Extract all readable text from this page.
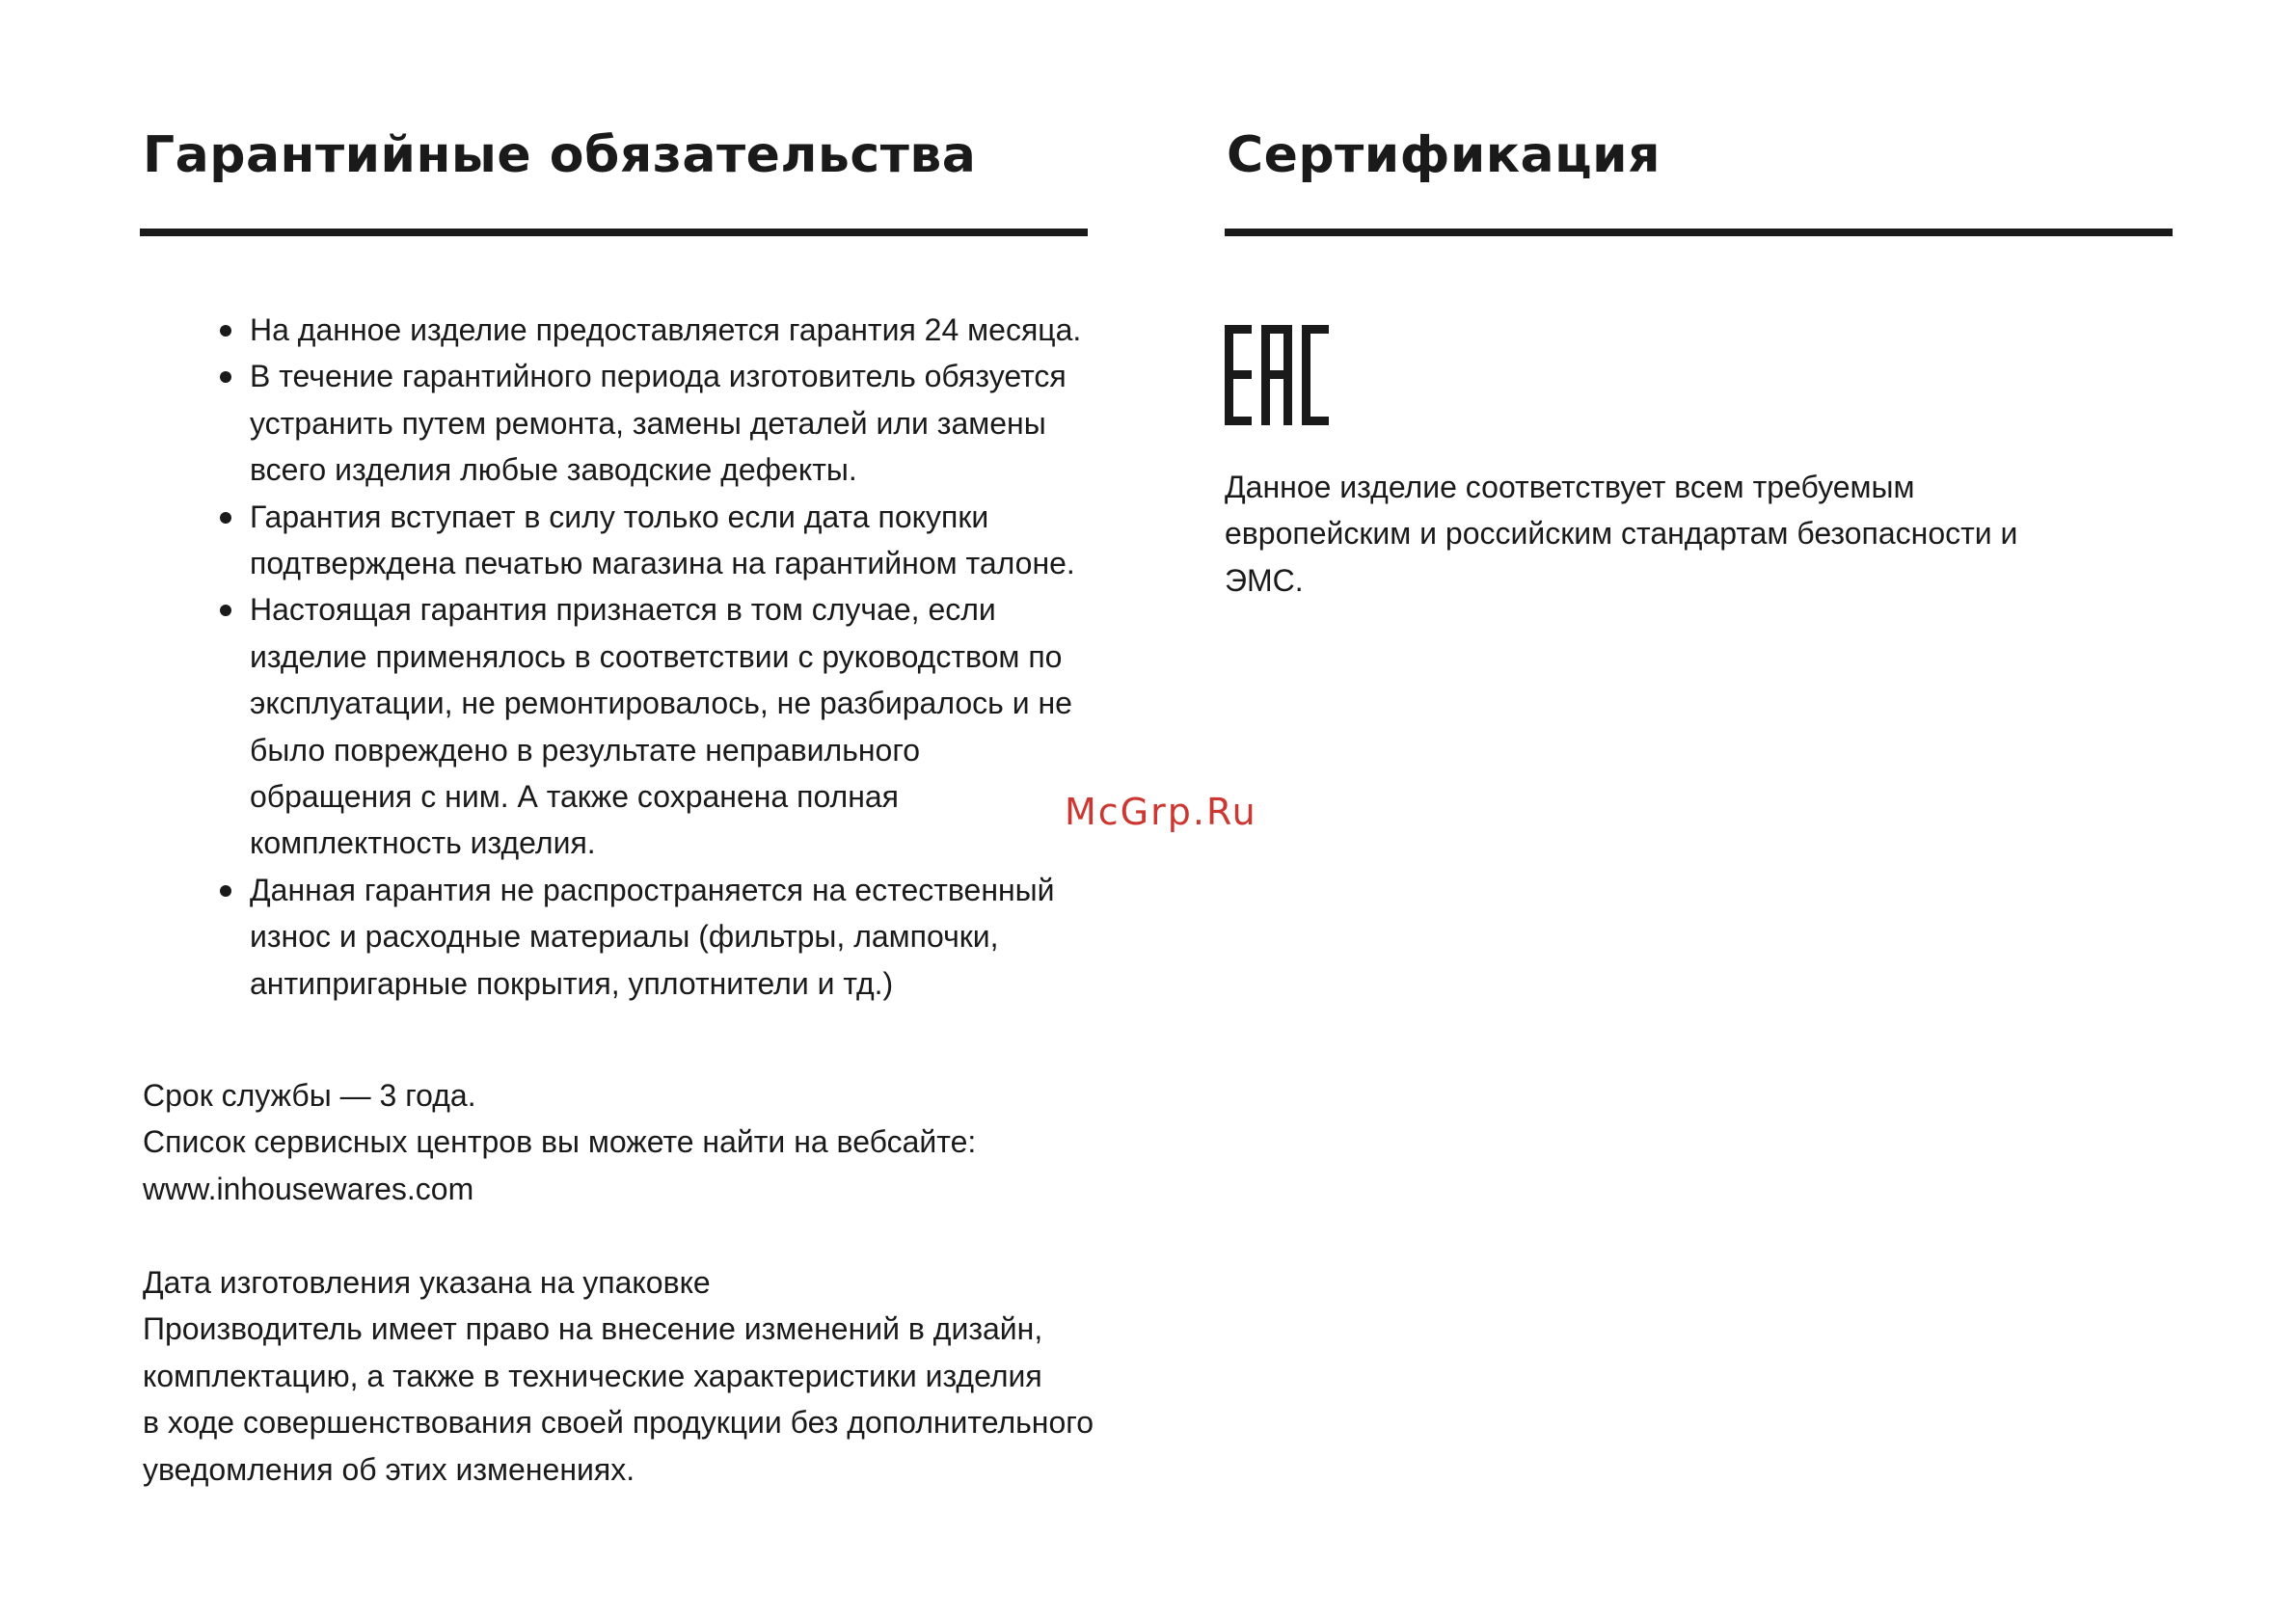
Гарантийные обязательства
На данное изделие предоставляется гарантия 24 месяца.
В течение гарантийного периода изготовитель обязуется устранить путем ремонта, замены деталей или замены всего изделия любые заводские дефекты.
Гарантия вступает в силу только если дата покупки подтверждена печатью магазина на гарантийном талоне.
Настоящая гарантия признается в том случае, если изделие применялось в соответствии с руководством по эксплуатации, не ремонтировалось, не разбиралось и не было повреждено в результате неправильного обращения с ним. А также сохранена полная комплектность изделия.
Данная гарантия не распространяется на естественный износ и расходные материалы (фильтры, лампочки, антипригарные покрытия, уплотнители и тд.)
Срок службы — 3 года.
Список сервисных центров вы можете найти на вебсайте:
www.inhousewares.com
Дата изготовления указана на упаковке
Производитель имеет право на внесение изменений в дизайн,
комплектацию, а также в технические характеристики изделия
в ходе совершенствования своей продукции без дополнительного
уведомления об этих изменениях.
Сертификация

Данное изделие соответствует всем требуемым европейским и российским стандартам безопасности и ЭМС.

McGrp.Ru
